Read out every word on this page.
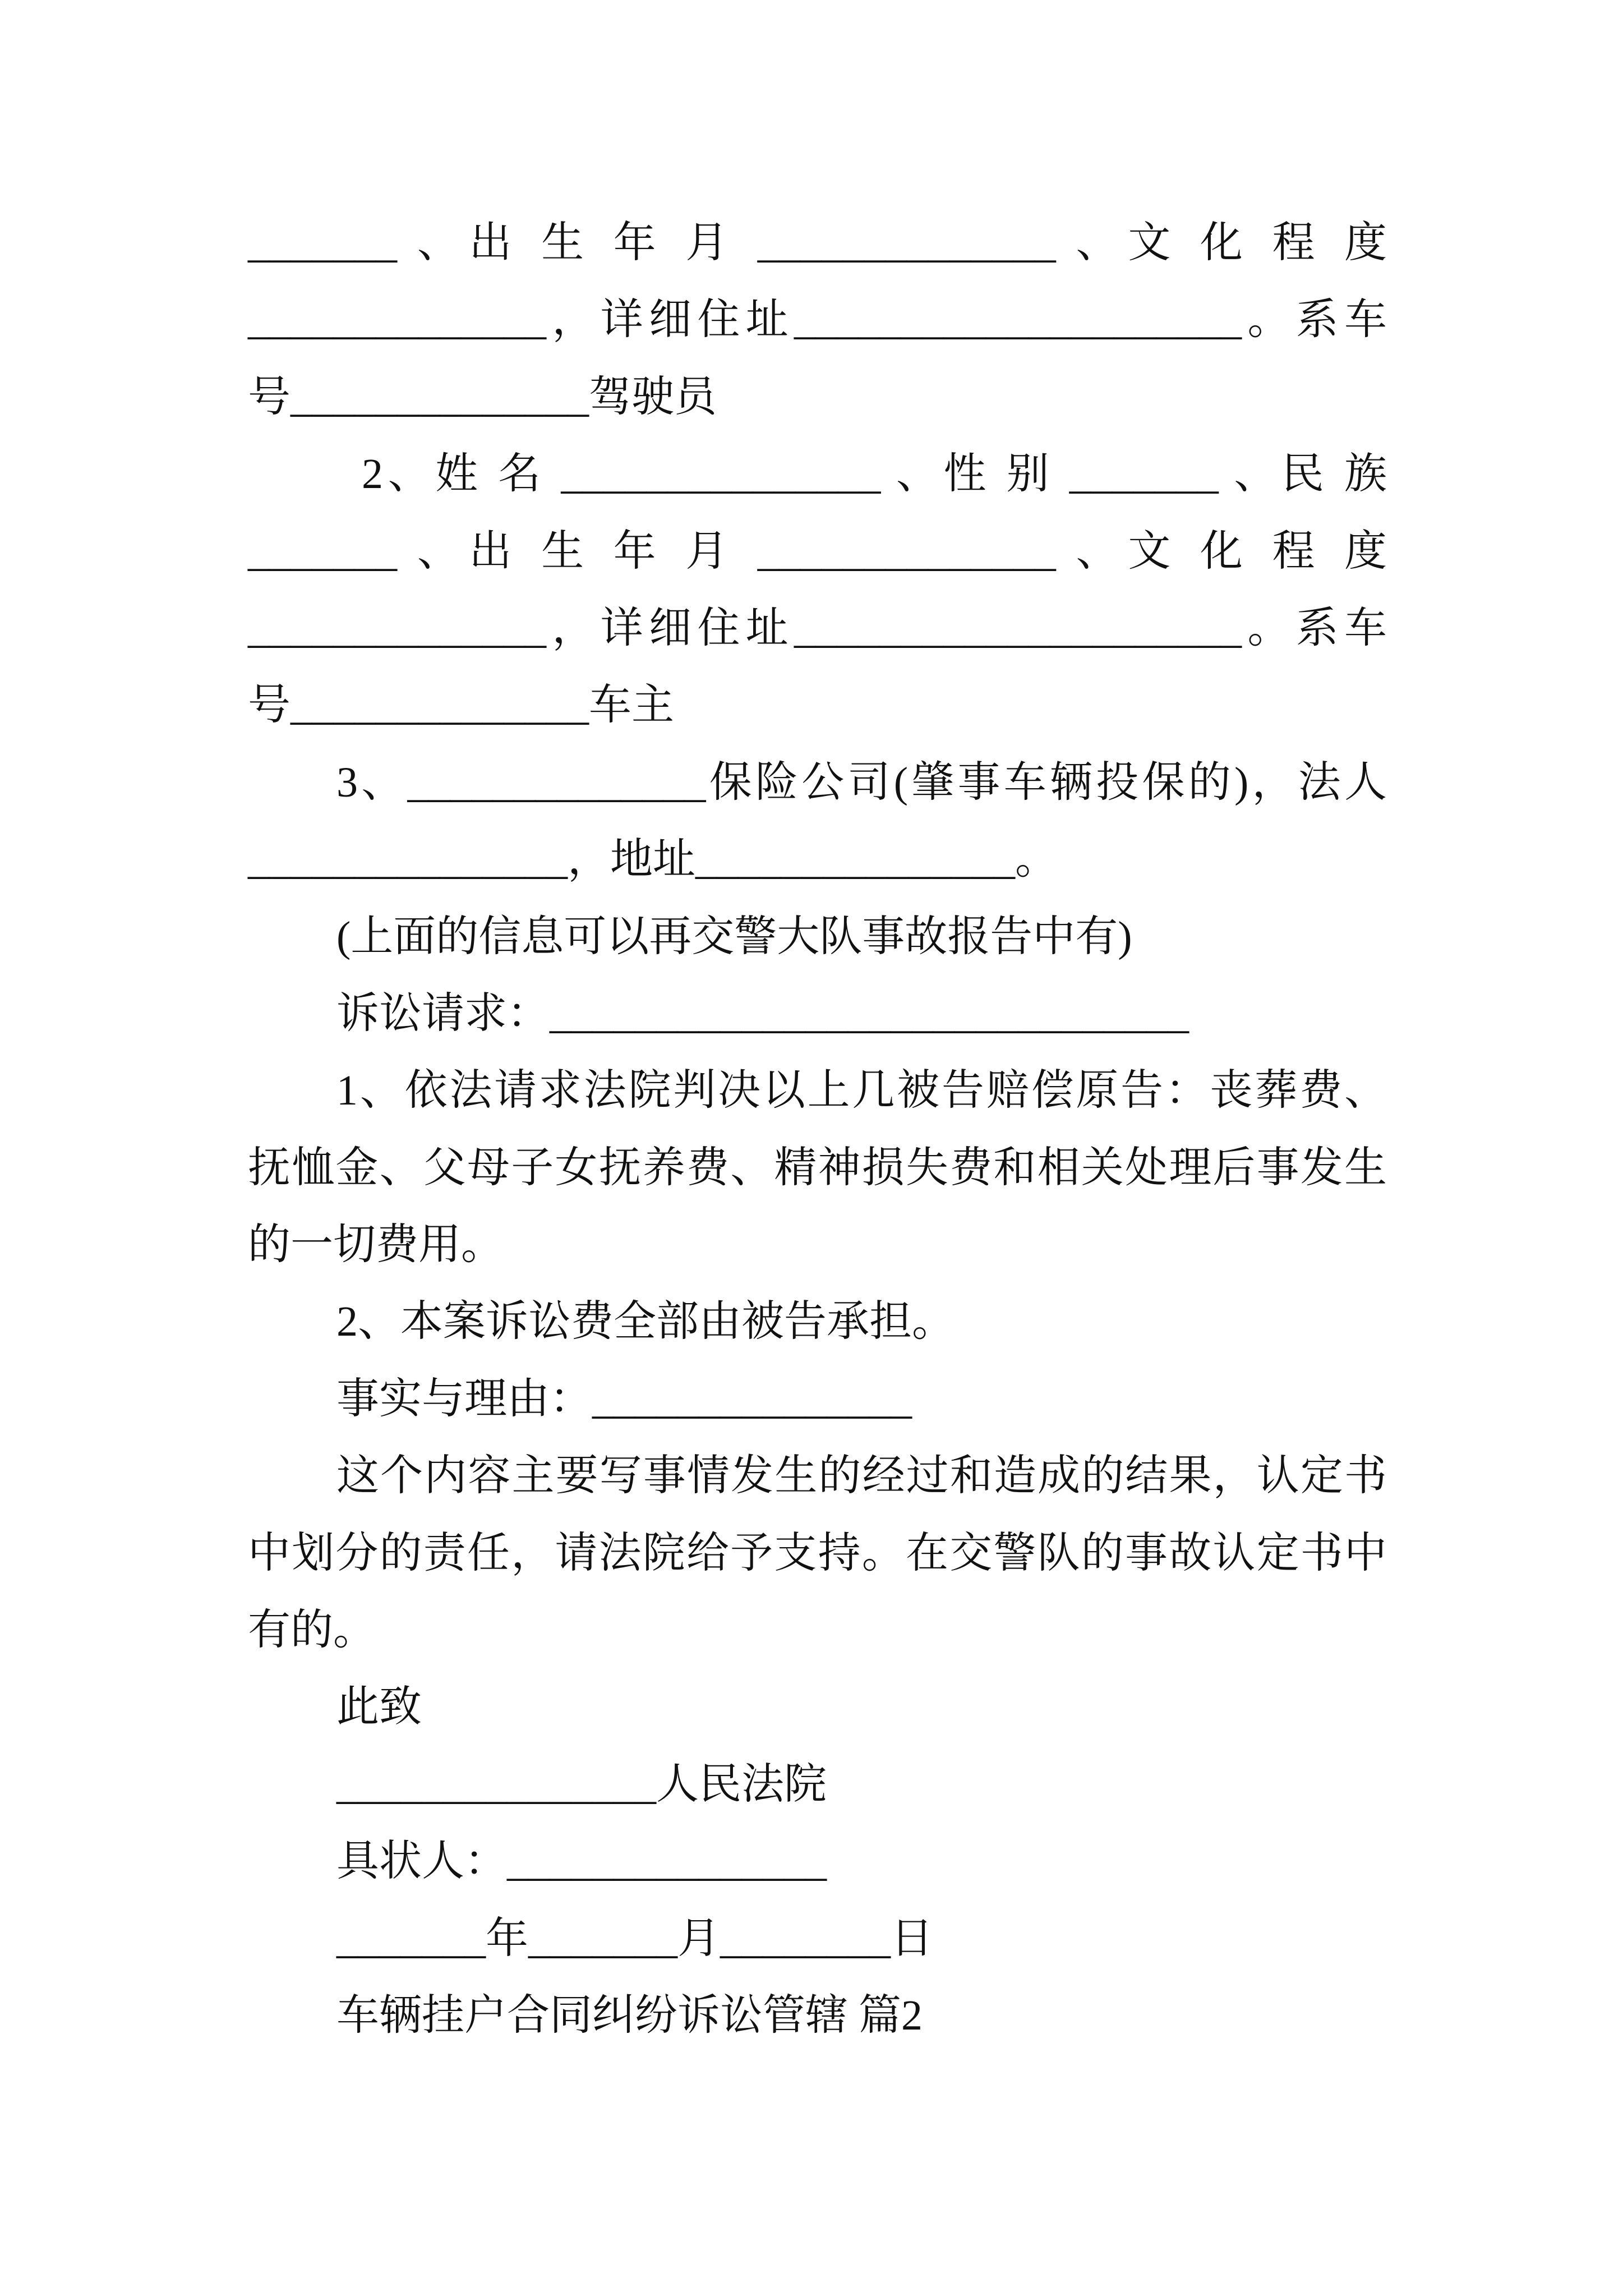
_______ 、出 生 年 月 ______________ 、文 化 程 度
______________，详细住址_____________________。系车
号______________驾驶员
2、姓 名 _______________ 、性 别 _______ 、民 族
_______ 、出 生 年 月 ______________ 、文 化 程 度
______________，详细住址_____________________。系车
号______________车主
3、______________保险公司(肇事车辆投保的)，法人
_______________，地址_______________。
(上面的信息可以再交警大队事故报告中有)
诉讼请求：______________________________
1、依法请求法院判决以上几被告赔偿原告：丧葬费、
抚恤金、父母子女抚养费、精神损失费和相关处理后事发生
的一切费用。
2、本案诉讼费全部由被告承担。
事实与理由：_______________
这个内容主要写事情发生的经过和造成的结果，认定书
中划分的责任，请法院给予支持。在交警队的事故认定书中
有的。
此致
_______________人民法院
具状人：_______________
_______年_______月________日
车辆挂户合同纠纷诉讼管辖 篇2
